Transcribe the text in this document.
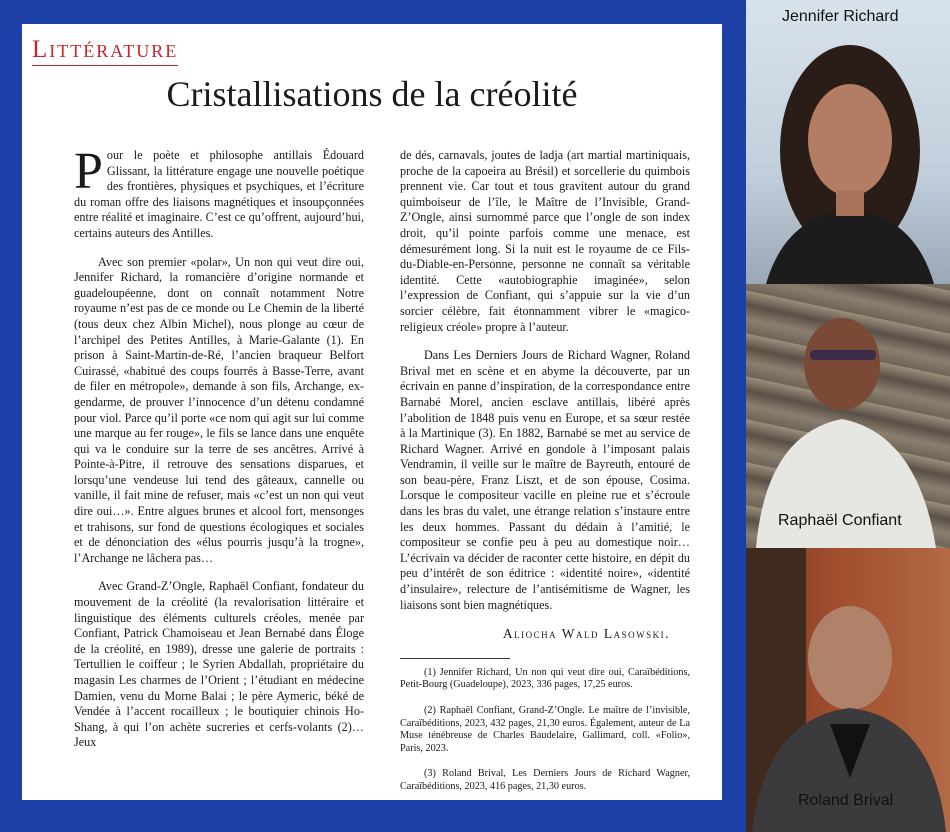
Littérature
Cristallisations de la créolité

Pour le poète et philosophe antillais Édouard Glissant, la littérature engage une nouvelle poétique des frontières, physiques et psychiques, et l’écriture du roman offre des liaisons magnétiques et insoupçonnées entre réalité et imaginaire. C’est ce qu’offrent, aujourd’hui, certains auteurs des Antilles.

Avec son premier «polar», Un non qui veut dire oui, Jennifer Richard, la romancière d’origine normande et guadeloupéenne, dont on connaît notamment Notre royaume n’est pas de ce monde ou Le Chemin de la liberté (tous deux chez Albin Michel), nous plonge au cœur de l’archipel des Petites Antilles, à Marie-Galante (1). En prison à Saint-Martin-de-Ré, l’ancien braqueur Belfort Cuirassé, «habitué des coups fourrés à Basse-Terre, avant de filer en métropole», demande à son fils, Archange, ex-gendarme, de prouver l’innocence d’un détenu condamné pour viol. Parce qu’il porte «ce nom qui agit sur lui comme une marque au fer rouge», le fils se lance dans une enquête qui va le conduire sur la terre de ses ancêtres. Arrivé à Pointe-à-Pitre, il retrouve des sensations disparues, et lorsqu’une vendeuse lui tend des gâteaux, cannelle ou vanille, il fait mine de refuser, mais «c’est un non qui veut dire oui…». Entre algues brunes et alcool fort, mensonges et trahisons, sur fond de questions écologiques et sociales et de dénonciation des «élus pourris jusqu’à la trogne», l’Archange ne lâchera pas…

Avec Grand-Z’Ongle, Raphaël Confiant, fondateur du mouvement de la créolité (la revalorisation littéraire et linguistique des éléments culturels créoles, menée par Confiant, Patrick Chamoiseau et Jean Bernabé dans Éloge de la créolité, en 1989), dresse une galerie de portraits : Tertullien le coiffeur ; le Syrien Abdallah, propriétaire du magasin Les charmes de l’Orient ; l’étudiant en médecine Damien, venu du Morne Balai ; le père Aymeric, béké de Vendée à l’accent rocailleux ; le boutiquier chinois Ho-Shang, à qui l’on achète sucreries et cerfs-volants (2)… Jeux

de dés, carnavals, joutes de ladja (art martial martiniquais, proche de la capoeira au Brésil) et sorcellerie du quimbois prennent vie. Car tout et tous gravitent autour du grand quimboiseur de l’île, le Maître de l’Invisible, Grand-Z’Ongle, ainsi surnommé parce que l’ongle de son index droit, qu’il pointe parfois comme une menace, est démesurément long. Si la nuit est le royaume de ce Fils-du-Diable-en-Personne, personne ne connaît sa véritable identité. Cette «autobiographie imaginée», selon l’expression de Confiant, qui s’appuie sur la vie d’un sorcier célèbre, fait étonnamment vibrer le «magico-religieux créole» propre à l’auteur.

Dans Les Derniers Jours de Richard Wagner, Roland Brival met en scène et en abyme la découverte, par un écrivain en panne d’inspiration, de la correspondance entre Barnabé Morel, ancien esclave antillais, libéré après l’abolition de 1848 puis venu en Europe, et sa sœur restée à la Martinique (3). En 1882, Barnabé se met au service de Richard Wagner. Arrivé en gondole à l’imposant palais Vendramin, il veille sur le maître de Bayreuth, entouré de son beau-père, Franz Liszt, et de son épouse, Cosima. Lorsque le compositeur vacille en pleine rue et s’écroule dans les bras du valet, une étrange relation s’instaure entre les deux hommes. Passant du dédain à l’amitié, le compositeur se confie peu à peu au domestique noir… L’écrivain va décider de raconter cette histoire, en dépit du peu d’intérêt de son éditrice : «identité noire», «identité d’insulaire», relecture de l’antisémitisme de Wagner, les liaisons sont bien magnétiques.

Aliocha Wald Lasowski.

(1) Jennifer Richard, Un non qui veut dire oui, Caraïbéditions, Petit-Bourg (Guadeloupe), 2023, 336 pages, 17,25 euros.

(2) Raphaël Confiant, Grand-Z’Ongle. Le maître de l’invisible, Caraïbéditions, 2023, 432 pages, 21,30 euros. Également, auteur de La Muse ténébreuse de Charles Baudelaire, Gallimard, coll. «Folio», Paris, 2023.

(3) Roland Brival, Les Derniers Jours de Richard Wagner, Caraïbéditions, 2023, 416 pages, 21,30 euros.

Jennifer Richard
Raphaël Confiant
Roland Brival
